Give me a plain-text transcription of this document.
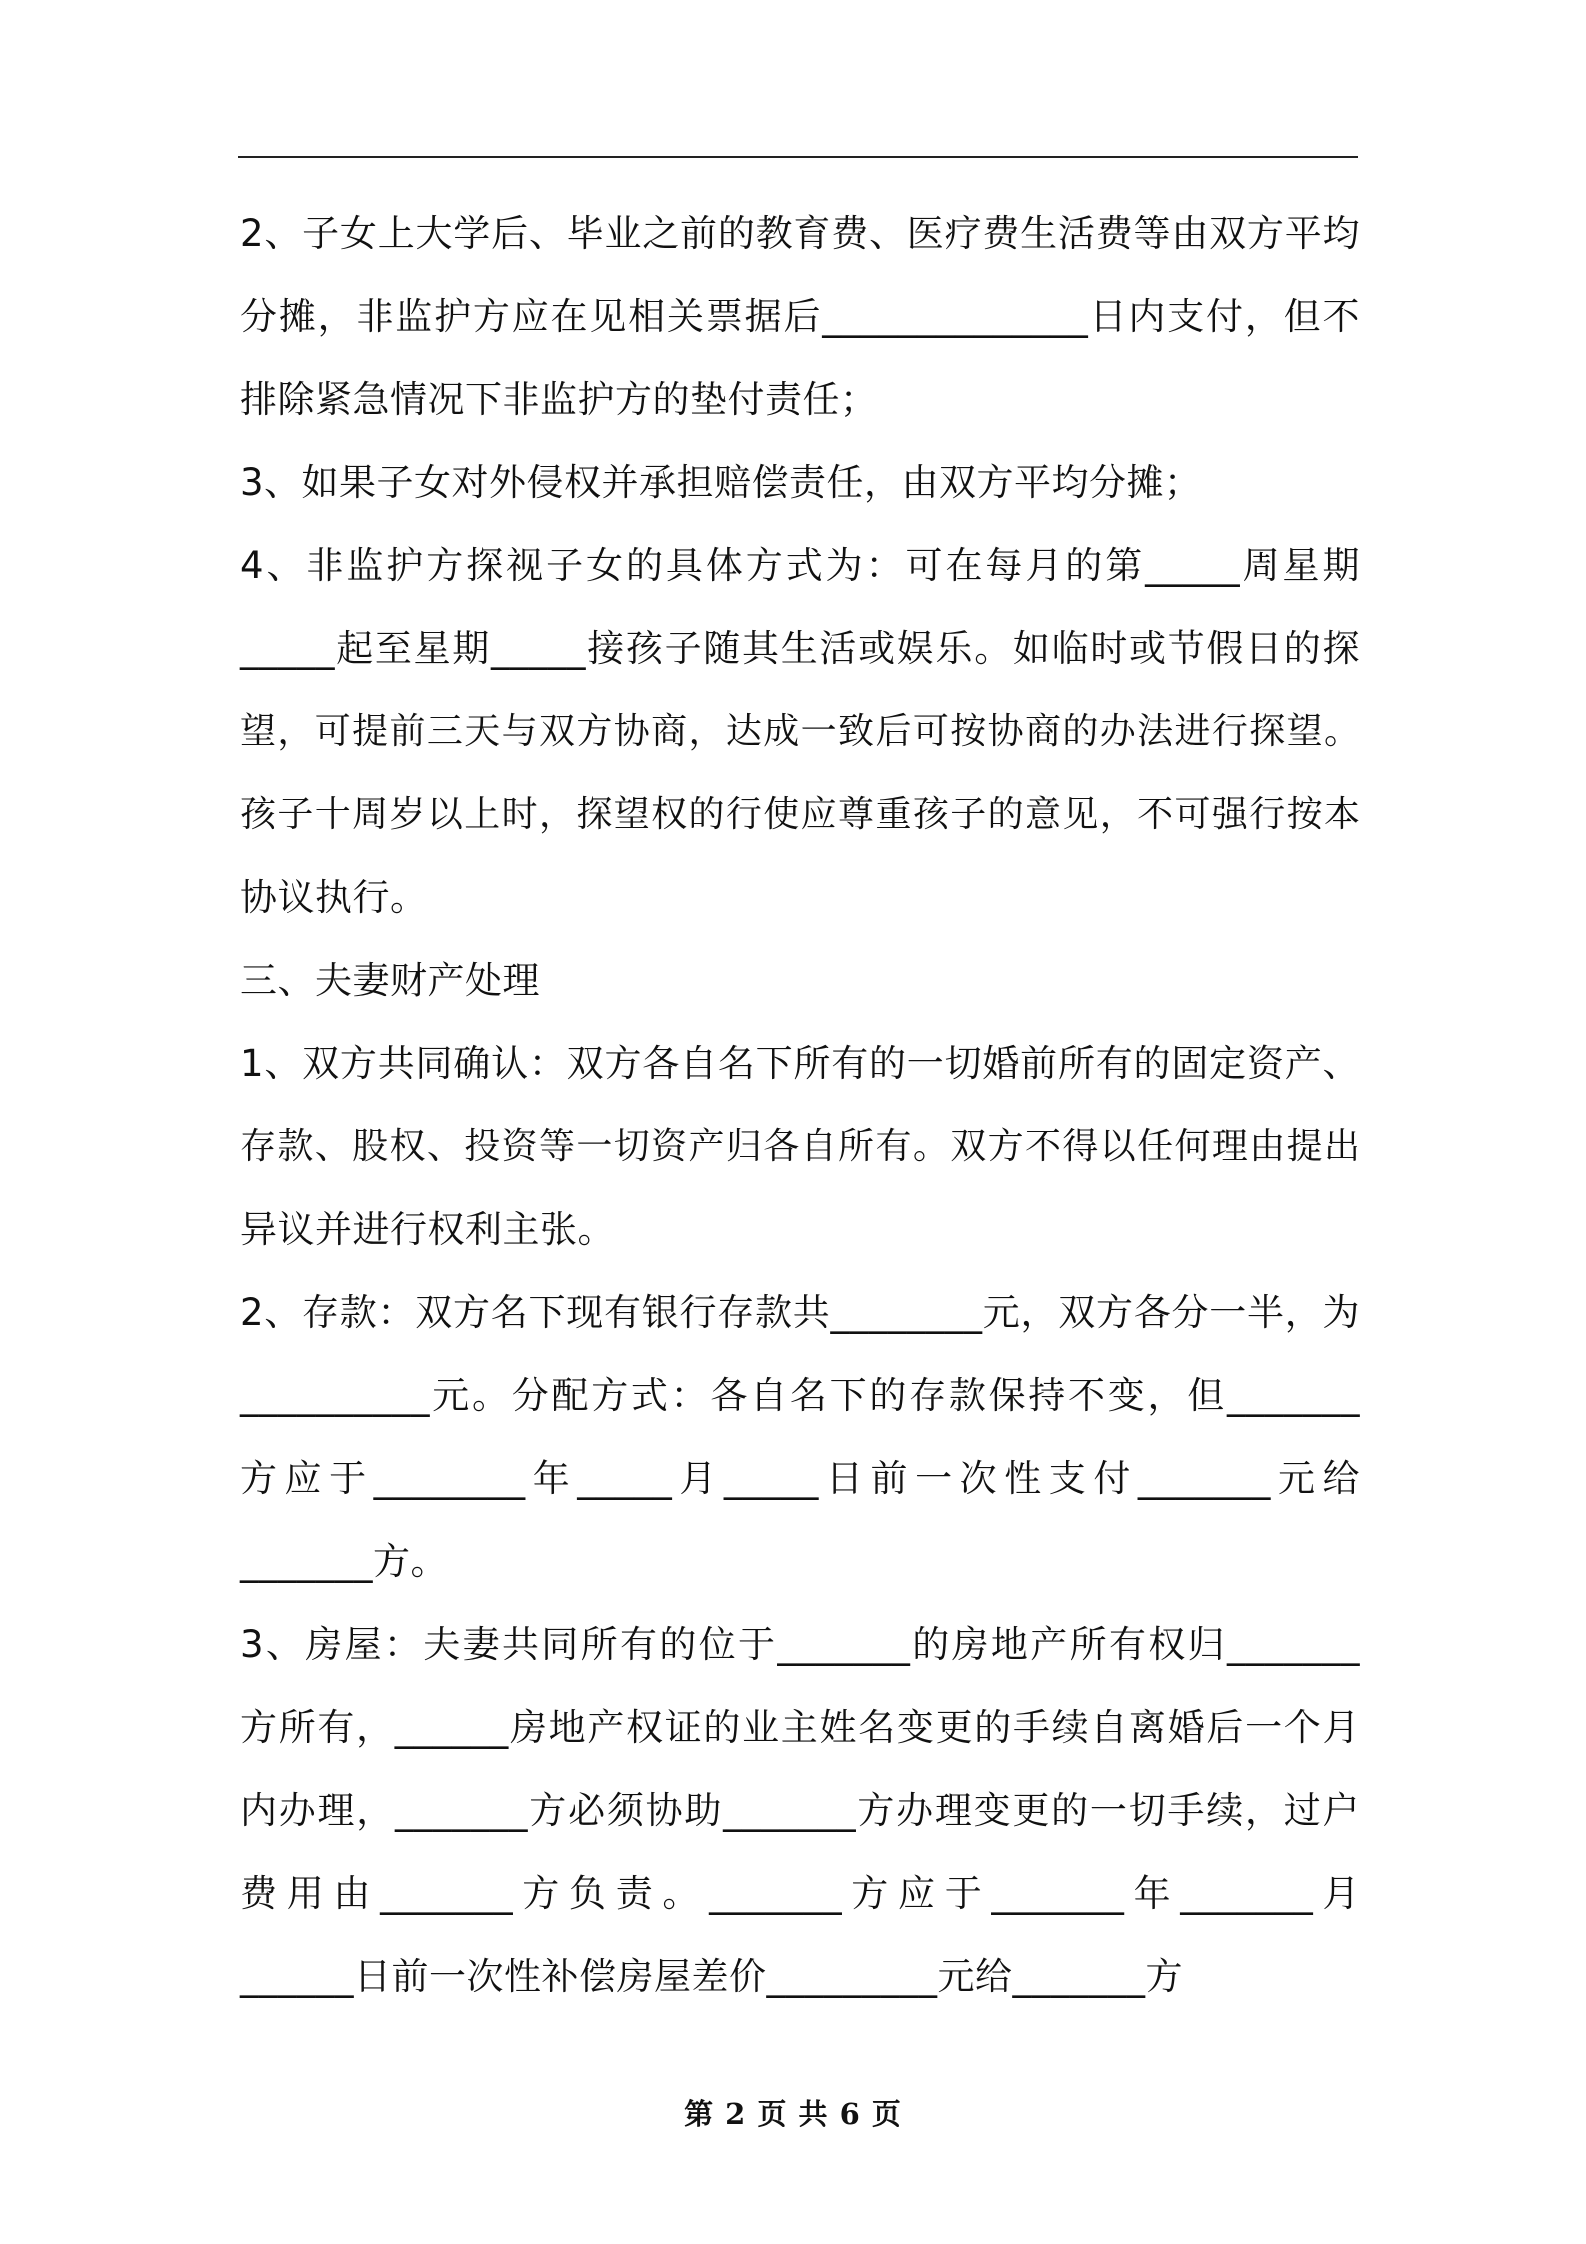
2、子女上大学后、毕业之前的教育费、医疗费生活费等由双方平均
分摊，非监护方应在见相关票据后______________日内支付，但不
排除紧急情况下非监护方的垫付责任；
3、如果子女对外侵权并承担赔偿责任，由双方平均分摊；
4、非监护方探视子女的具体方式为：可在每月的第_____周星期
_____起至星期_____接孩子随其生活或娱乐。如临时或节假日的探
望，可提前三天与双方协商，达成一致后可按协商的办法进行探望。
孩子十周岁以上时，探望权的行使应尊重孩子的意见，不可强行按本
协议执行。
三、夫妻财产处理
1、双方共同确认：双方各自名下所有的一切婚前所有的固定资产、
存款、股权、投资等一切资产归各自所有。双方不得以任何理由提出
异议并进行权利主张。
2、存款：双方名下现有银行存款共________元，双方各分一半，为
__________元。分配方式：各自名下的存款保持不变，但_______
方应于________年_____月_____日前一次性支付_______元给
_______方。
3、房屋：夫妻共同所有的位于_______的房地产所有权归_______
方所有，______房地产权证的业主姓名变更的手续自离婚后一个月
内办理，_______方必须协助_______方办理变更的一切手续，过户
费用由_______方负责。_______方应于_______年_______月
______日前一次性补偿房屋差价_________元给_______方
第 2 页 共 6 页
